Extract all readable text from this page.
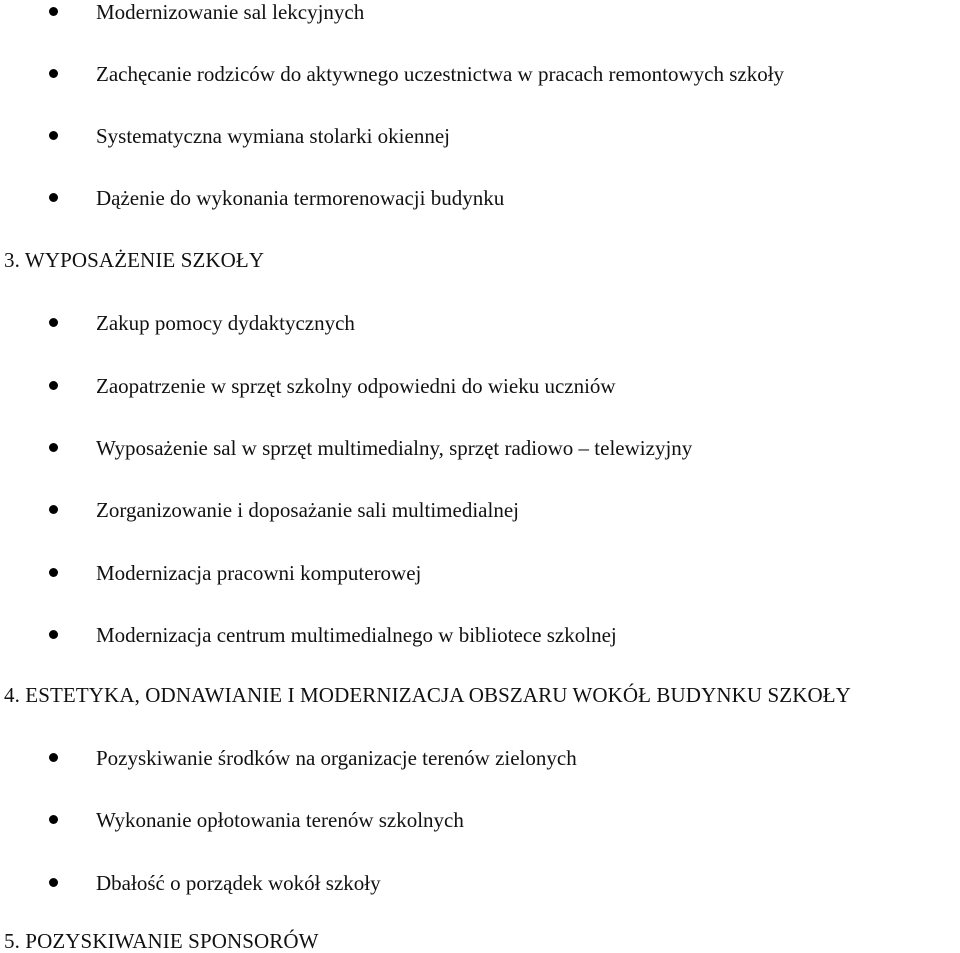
Modernizowanie sal lekcyjnych
Zachęcanie rodziców do aktywnego uczestnictwa w pracach remontowych szkoły
Systematyczna wymiana stolarki okiennej
Dążenie do wykonania termorenowacji budynku
3. WYPOSAŻENIE SZKOŁY
Zakup pomocy dydaktycznych
Zaopatrzenie w sprzęt szkolny odpowiedni do wieku uczniów
Wyposażenie sal w sprzęt multimedialny, sprzęt radiowo – telewizyjny
Zorganizowanie i doposażanie sali multimedialnej
Modernizacja pracowni komputerowej
Modernizacja centrum multimedialnego w bibliotece szkolnej
4. ESTETYKA, ODNAWIANIE I MODERNIZACJA OBSZARU WOKÓŁ BUDYNKU SZKOŁY
Pozyskiwanie środków na organizacje terenów zielonych
Wykonanie opłotowania terenów szkolnych
Dbałość o porządek wokół szkoły
5. POZYSKIWANIE SPONSORÓW
